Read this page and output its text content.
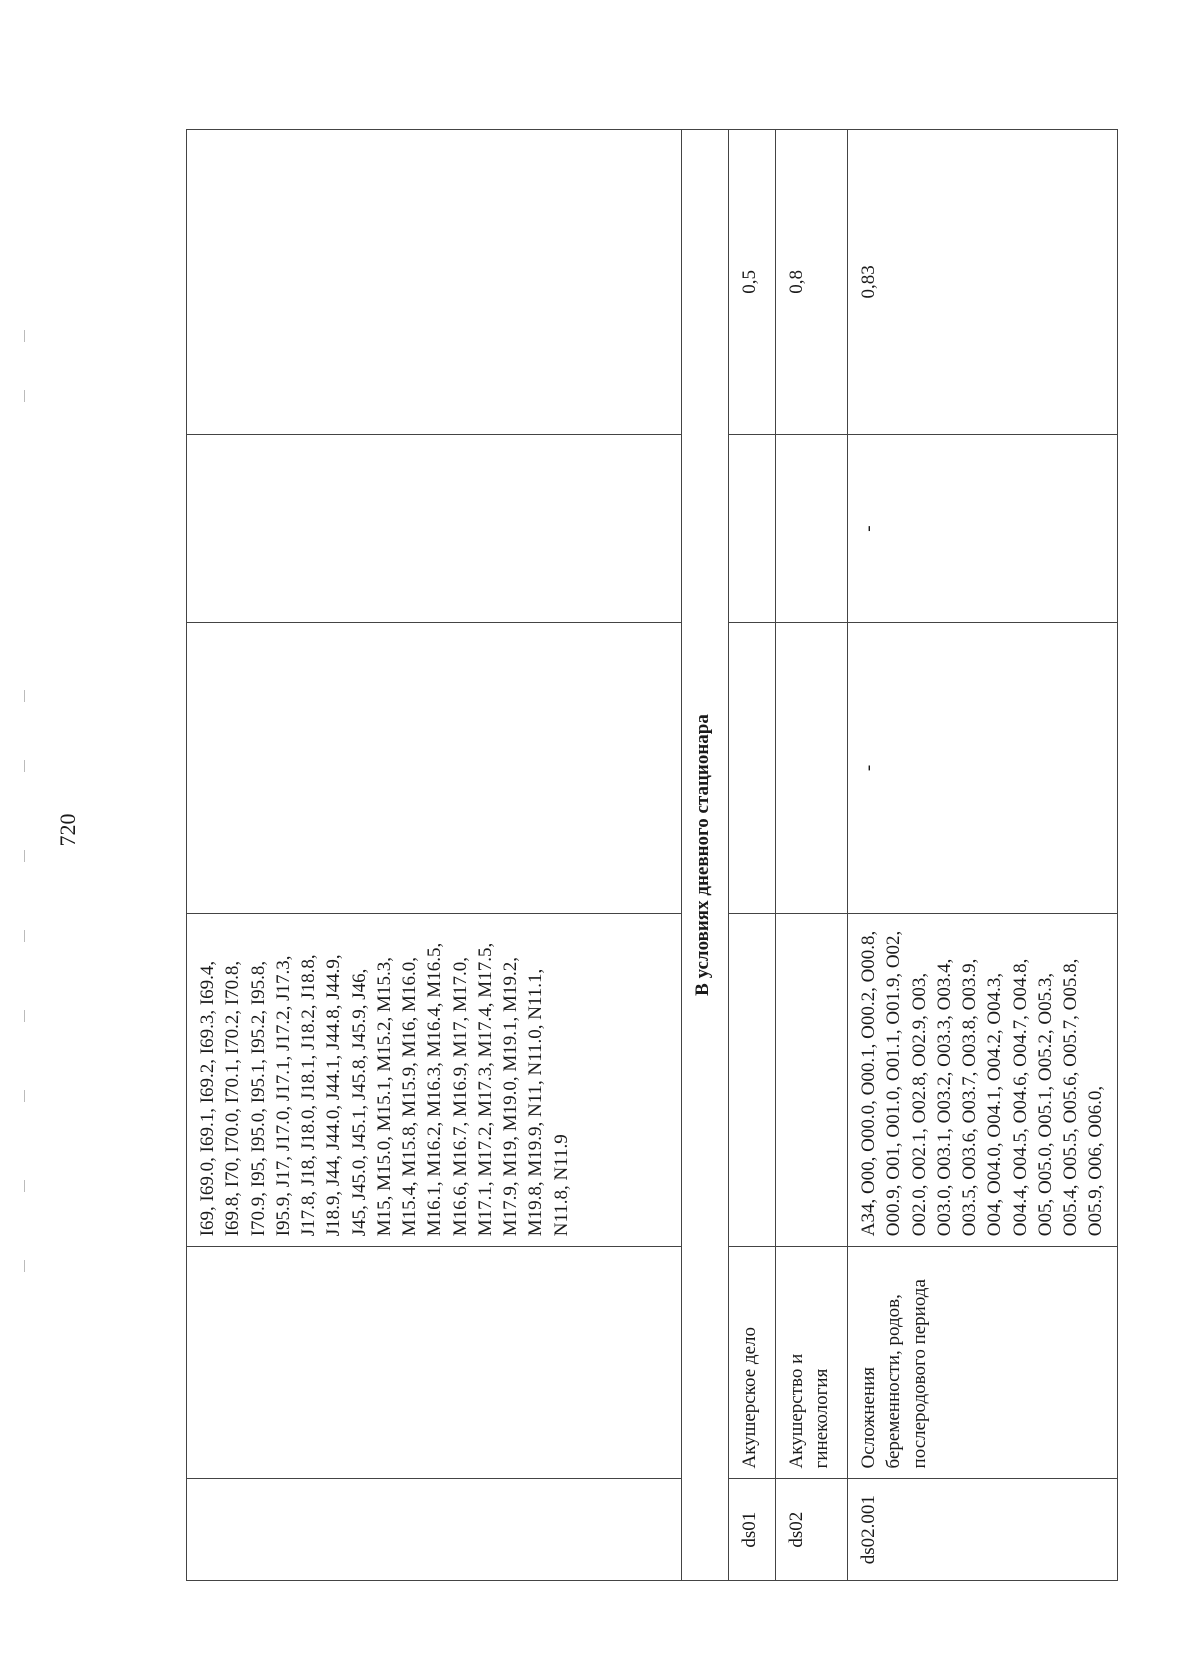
720
		I69, I69.0, I69.1, I69.2, I69.3, I69.4, I69.8, I70, I70.0, I70.1, I70.2, I70.8, I70.9, I95, I95.0, I95.1, I95.2, I95.8, I95.9, J17, J17.0, J17.1, J17.2, J17.3, J17.8, J18, J18.0, J18.1, J18.2, J18.8, J18.9, J44, J44.0, J44.1, J44.8, J44.9, J45, J45.0, J45.1, J45.8, J45.9, J46, M15, M15.0, M15.1, M15.2, M15.3, M15.4, M15.8, M15.9, M16, M16.0, M16.1, M16.2, M16.3, M16.4, M16.5, M16.6, M16.7, M16.9, M17, M17.0, M17.1, M17.2, M17.3, M17.4, M17.5, M17.9, M19, M19.0, M19.1, M19.2, M19.8, M19.9, N11, N11.0, N11.1, N11.8, N11.9			
В условиях дневного стационара					
ds01	Акушерское дело				0,5
ds02	Акушерство и гинекология				0,8
ds02.001	Осложнения беременности, родов, послеродового периода	A34, O00, O00.0, O00.1, O00.2, O00.8, O00.9, O01, O01.0, O01.1, O01.9, O02, O02.0, O02.1, O02.8, O02.9, O03, O03.0, O03.1, O03.2, O03.3, O03.4, O03.5, O03.6, O03.7, O03.8, O03.9, O04, O04.0, O04.1, O04.2, O04.3, O04.4, O04.5, O04.6, O04.7, O04.8, O05, O05.0, O05.1, O05.2, O05.3, O05.4, O05.5, O05.6, O05.7, O05.8, O05.9, O06, O06.0,	-	-	0,83
